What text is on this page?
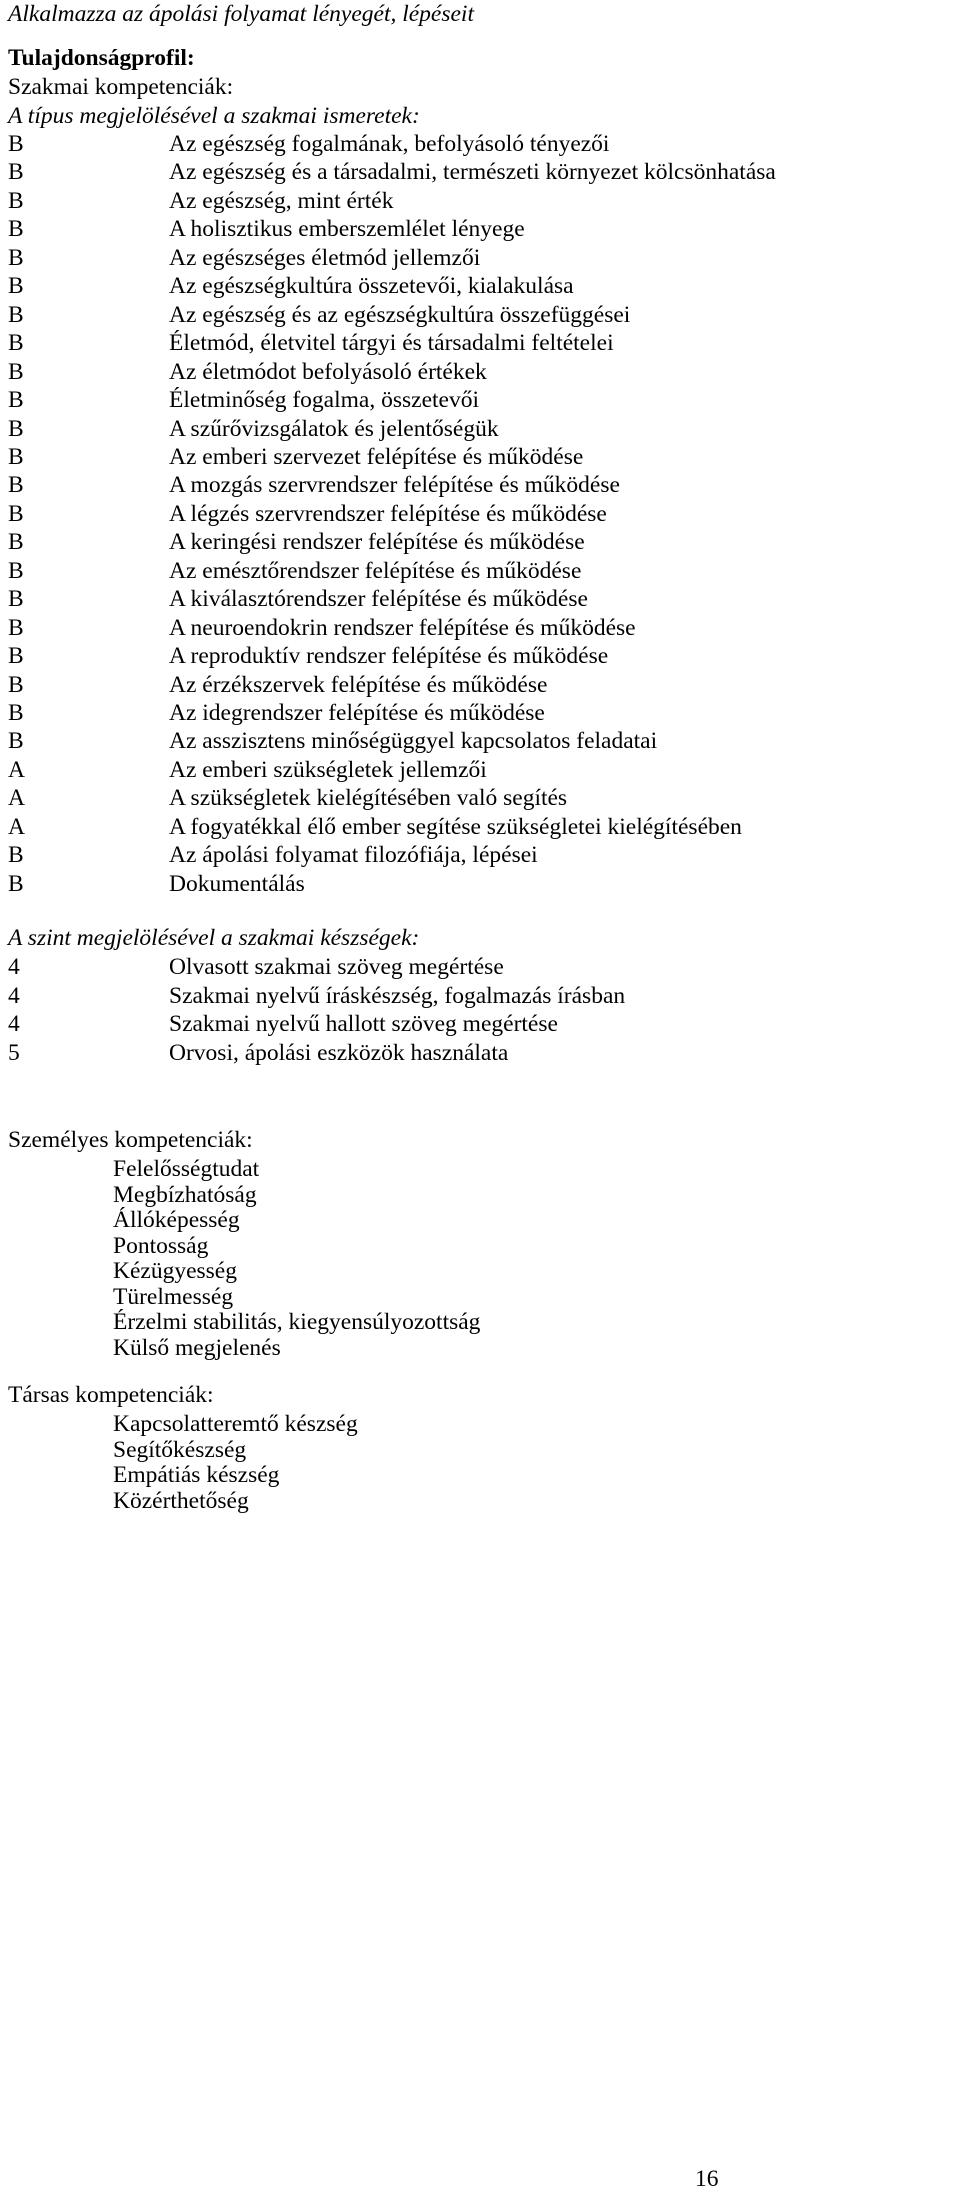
Alkalmazza az ápolási folyamat lényegét, lépéseit
Tulajdonságprofil:
Szakmai kompetenciák:
A típus megjelölésével a szakmai ismeretek:
B	Az egészség fogalmának, befolyásoló tényezői
B	Az egészség és a társadalmi, természeti környezet kölcsönhatása
B	Az egészség, mint érték
B	A holisztikus emberszemlélet lényege
B	Az egészséges életmód jellemzői
B	Az egészségkultúra összetevői, kialakulása
B	Az egészség és az egészségkultúra összefüggései
B	Életmód, életvitel tárgyi és társadalmi feltételei
B	Az életmódot befolyásoló értékek
B	Életminőség fogalma, összetevői
B	A szűrővizsgálatok és jelentőségük
B	Az emberi szervezet felépítése és működése
B	A mozgás szervrendszer felépítése és működése
B	A légzés szervrendszer felépítése és működése
B	A keringési rendszer felépítése és működése
B	Az emésztőrendszer felépítése és működése
B	A kiválasztórendszer felépítése és működése
B	A neuroendokrin rendszer felépítése és működése
B	A reproduktív rendszer felépítése és működése
B	Az érzékszervek felépítése és működése
B	Az idegrendszer felépítése és működése
B	Az asszisztens minőségüggyel kapcsolatos feladatai
A	Az emberi szükségletek jellemzői
A	A szükségletek kielégítésében való segítés
A	A fogyatékkal élő ember segítése szükségletei kielégítésében
B	Az ápolási folyamat filozófiája, lépései
B	Dokumentálás
A szint megjelölésével a szakmai készségek:
4	Olvasott szakmai szöveg megértése
4	Szakmai nyelvű íráskészség, fogalmazás írásban
4	Szakmai nyelvű hallott szöveg megértése
5	Orvosi, ápolási eszközök használata
Személyes kompetenciák:
Felelősségtudat
Megbízhatóság
Állóképesség
Pontosság
Kézügyesség
Türelmesség
Érzelmi stabilitás, kiegyensúlyozottság
Külső megjelenés
Társas kompetenciák:
Kapcsolatteremtő készség
Segítőkészség
Empátiás készség
Közérthetőség
16
